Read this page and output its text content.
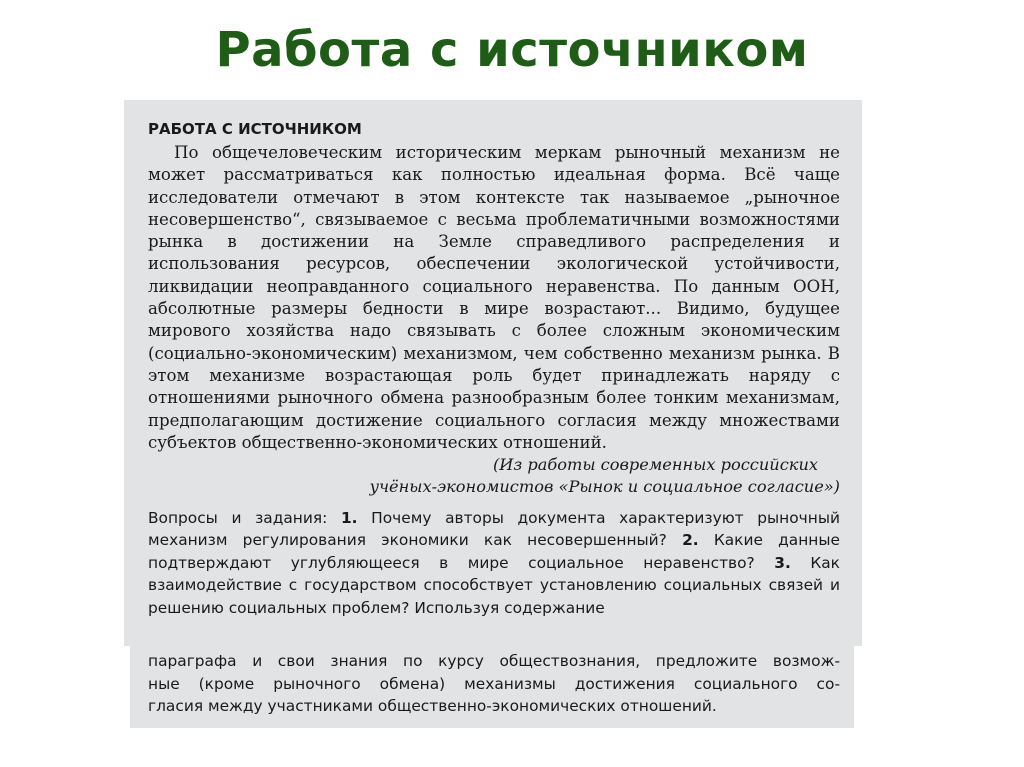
Работа с источником
РАБОТА С ИСТОЧНИКОМ

По общечеловеческим историческим меркам рыночный механизм не может рассматриваться как полностью идеальная форма. Всё чаще исследователи отмечают в этом контексте так называемое „рыночное несовершенство“, связываемое с весьма проблематичными возможностями рынка в достижении на Земле справедливого распределения и использования ресурсов, обеспечении экологической устойчивости, ликвидации неоправданного социального неравенства. По данным ООН, абсолютные размеры бедности в мире возрастают... Видимо, будущее мирового хозяйства надо связывать с более сложным экономическим (социально-экономическим) механизмом, чем собственно механизм рынка. В этом механизме возрастающая роль будет принадлежать наряду с отношениями рыночного обмена разнообразным более тонким механизмам, предполагающим достижение социального согласия между множествами субъектов общественно-экономических отношений.

(Из работы современных российских
учёных-экономистов «Рынок и социальное согласие»)
Вопросы и задания: 1. Почему авторы документа характеризуют рыночный механизм регулирования экономики как несовершенный? 2. Какие данные подтверждают углубляющееся в мире социальное неравенство? 3. Как взаимодействие с государством способствует установлению социальных связей и решению социальных проблем? Используя содержание
параграфа и свои знания по курсу обществознания, предложите возмож-
ные (кроме рыночного обмена) механизмы достижения социального со-
гласия между участниками общественно-экономических отношений.
